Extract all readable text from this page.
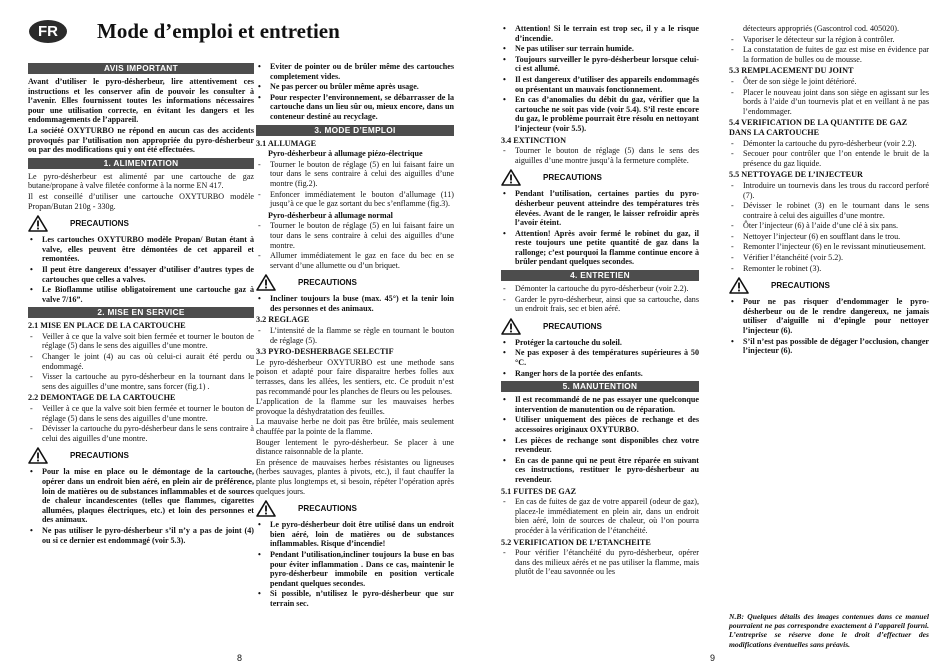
FR	Mode d’emploi et entretien
AVIS IMPORTANT

Avant d’utiliser le pyro-désherbeur, lire attentivement ces instructions et les conserver afin de pouvoir les consulter à l’avenir. Elles fournissent toutes les informations nécessaires pour une utilisation correcte, en évitant les dangers et les endommagements de l’appareil.

La société OXYTURBO ne répond en aucun cas des accidents provoqués par l’utilisation non appropriée du pyro-désherbeur ou par des modifications qui y ont été effectuées.

1. ALIMENTATION

Le pyro-désherbeur est alimenté par une cartouche de gaz butane/propane à valve filetée conforme à la norme EN 417.

Il est conseillé d’utiliser une cartouche OXYTURBO modèle Propan/Butan 210g - 330g.

PRECAUTIONS
• Les cartouches OXYTURBO modèle Propan/ Butan étant à valve, elles peuvent être démontées de cet appareil et remontées.
• Il peut être dangereux d’essayer d’utiliser d’autres types de cartouches que celles a valves.
• Le Bioflamme utilise obligatoirement une cartouche gaz à valve 7/16”.
2. MISE EN SERVICE
2.1 MISE EN PLACE DE LA CARTOUCHE
- Veiller à ce que la valve soit bien fermée et tourner le bouton de réglage (5) dans le sens des aiguilles d’une montre.
- Changer le joint (4) au cas où celui-ci aurait été perdu ou endommagé.
- Visser la cartouche au pyro-désherbeur en la tournant dans le sens des aiguilles d’une montre, sans forcer (fig.1) .
2.2 DEMONTAGE DE LA CARTOUCHE
- Veiller à ce que la valve soit bien fermée et tourner le bouton de réglage (5) dans le sens des aiguilles d’une montre.
- Dévisser la cartouche du pyro-désherbeur dans le sens contraire à celui des aiguilles d’une montre.
PRECAUTIONS
• Pour la mise en place ou le démontage de la cartouche, opérer dans un endroit bien aéré, en plein air de préférence, loin de matières ou de substances inflammables et de sources de chaleur incandescentes (telles que flammes, cigarettes allumées, plaques électriques, etc.) et loin des personnes et des animaux.
• Ne pas utiliser le pyro-désherbeur s’il n’y a pas de joint (4) ou si ce dernier est endommagé (voir 5.3).
• Eviter de pointer ou de brûler même des cartouches completement vides.
• Ne pas percer ou brûler même après usage.
• Pour respecter l’environnement, se débarrasser de la cartouche dans un lieu sûr ou, mieux encore, dans un conteneur destiné au recyclage.
3. MODE D’EMPLOI
3.1 ALLUMAGE
Pyro-désherbeur à allumage piézo-électrique
- Tourner le bouton de réglage (5) en lui faisant faire un tour dans le sens contraire à celui des aiguilles d’une montre (fig.2).
- Enfoncer immédiatement le bouton d’allumage (11) jusqu’à ce que le gaz sortant du bec s’enflamme (fig.3).
Pyro-désherbeur à allumage normal
- Tourner le bouton de réglage (5) en lui faisant faire un tour dans le sens contraire à celui des aiguilles d’une montre.
- Allumer immédiatement le gaz en face du bec en se servant d’une allumette ou d’un briquet.
PRECAUTIONS
• Incliner toujours la buse (max. 45°) et la tenir loin des personnes et des animaux.
3.2 REGLAGE
- L’intensité de la flamme se règle en tournant le bouton de réglage (5).
3.3 PYRO-DESHERBAGE SELECTIF

Le pyro-désherbeur OXYTURBO est une methode sans poison et adapté pour faire disparaitre herbes folles aux terrasses, dans les allées, les sentiers, etc. Ce produit n’est pas recommandé pour les planches de fleurs ou les pelouses.

L’application de la flamme sur les mauvaises herbes provoque la déshydratation des feuilles.

La mauvaise herbe ne doit pas être brûlée, mais seulement chauffée par la pointe de la flamme.

Bouger lentement le pyro-désherbeur. Se placer à une distance raisonnable de la plante.

En présence de mauvaises herbes résistantes ou ligneuses (herbes sauvages, plantes à pivots, etc.), il faut chauffer la plante plus longtemps et, si besoin, répéter l’opération après quelques jours.

PRECAUTIONS
• Le pyro-désherbeur doit être utilisé dans un endroit bien aéré, loin de matières ou de substances inflammables. Risque d’incendie!
• Pendant l’utilisation,incliner toujours la buse en bas pour éviter inflammation . Dans ce cas, maintenir le pyro-désherbeur immobile en position verticale pendant quelques secondes.
• Si possible, n’utilisez le pyro-désherbeur que sur terrain sec.
8
• Attention! Si le terrain est trop sec, il y a le risque d’incendie.
• Ne pas utiliser sur terrain humide.
• Toujours surveiller le pyro-désherbeur lorsque celui-ci est allumé.
• Il est dangereux d’utiliser des appareils endommagés ou présentant un mauvais fonctionnement.
• En cas d’anomalies du débit du gaz, vérifier que la cartouche ne soit pas vide (voir 5.4). S’il reste encore du gaz, le problème pourrait être résolu en nettoyant l’injecteur (voir 5.5).
3.4 EXTINCTION
- Tourner le bouton de réglage (5) dans le sens des aiguilles d’une montre jusqu’à la fermeture complète.
PRECAUTIONS
• Pendant l’utilisation, certaines parties du pyro-désherbeur peuvent atteindre des températures très élevées. Avant de le ranger, le laisser refroidir après l’avoir éteint.
• Attention! Après avoir fermé le robinet du gaz, il reste toujours une petite quantité de gaz dans la rallonge; c’est pourquoi la flamme continue encore à brûler pendant quelques secondes.
4. ENTRETIEN
- Démonter la cartouche du pyro-désherbeur (voir 2.2).
- Garder le pyro-désherbeur, ainsi que sa cartouche, dans un endroit frais, sec et bien aéré.
PRECAUTIONS
• Protéger la cartouche du soleil.
• Ne pas exposer à des températures supérieures à 50 °C.
• Ranger hors de la portée des enfants.
5. MANUTENTION
• Il est recommandé de ne pas essayer une quelconque intervention de manutention ou de réparation.
• Utiliser uniquement des pièces de rechange et des accessoires originaux OXYTURBO.
• Les pièces de rechange sont disponibles chez votre revendeur.
• En cas de panne qui ne peut être réparée en suivant ces instructions, restituer le pyro-désherbeur au revendeur.
5.1 FUITES DE GAZ
- En cas de fuites de gaz de votre appareil (odeur de gaz), placez-le immédiatement en plein air, dans un endroit bien aéré, loin de sources de chaleur, où l’on pourra procéder à la vérification de l’étanchéité.
5.2 VERIFICATION DE L’ETANCHEITE
- Pour vérifier l’étanchéité du pyro-désherbeur, opérer dans des milieux aérés et ne pas utiliser la flamme, mais plutôt de l’eau savonnée ou les

détecteurs appropriés (Gascontrol cod. 405020).

- Vaporiser le détecteur sur la région à contrôler.
- La constatation de fuites de gaz est mise en évidence par la formation de bulles ou de mousse.
5.3 REMPLACEMENT DU JOINT
- Ôter de son siège le joint détérioré.
- Placer le nouveau joint dans son siège en agissant sur les bords à l’aide d’un tournevis plat et en veillant à ne pas l’endommager.
5.4 VERIFICATION DE LA QUANTITE DE GAZ DANS LA CARTOUCHE
- Démonter la cartouche du pyro-désherbeur (voir 2.2).
- Secouer pour contrôler que l’on entende le bruit de la présence du gaz liquide.
5.5 NETTOYAGE DE L’INJECTEUR
- Introduire un tournevis dans les trous du raccord perforé (7).
- Dévisser le robinet (3) en le tournant dans le sens contraire à celui des aiguilles d’une montre.
- Ôter l’injecteur (6) à l’aide d’une clé à six pans.
- Nettoyer l’injecteur (6) en soufflant dans le trou.
- Remonter l’injecteur (6) en le revissant minutieusement.
- Vérifier l’étanchéité (voir 5.2).
- Remonter le robinet (3).
PRECAUTIONS
• Pour ne pas risquer d’endommager le pyro-désherbeur ou de le rendre dangereux, ne jamais utiliser d’aiguille ni d’epingle pour nettoyer l’injecteur (6).
• S’il n’est pas possible de dégager l’occlusion, changer l’injecteur (6).

N.B: Quelques détails des images contenues dans ce manuel pourraient ne pas correspondre exactement à l’appareil fourni. L’entreprise se réserve done le droit d’effectuer des modifications éventuelles sans préavis.

9
